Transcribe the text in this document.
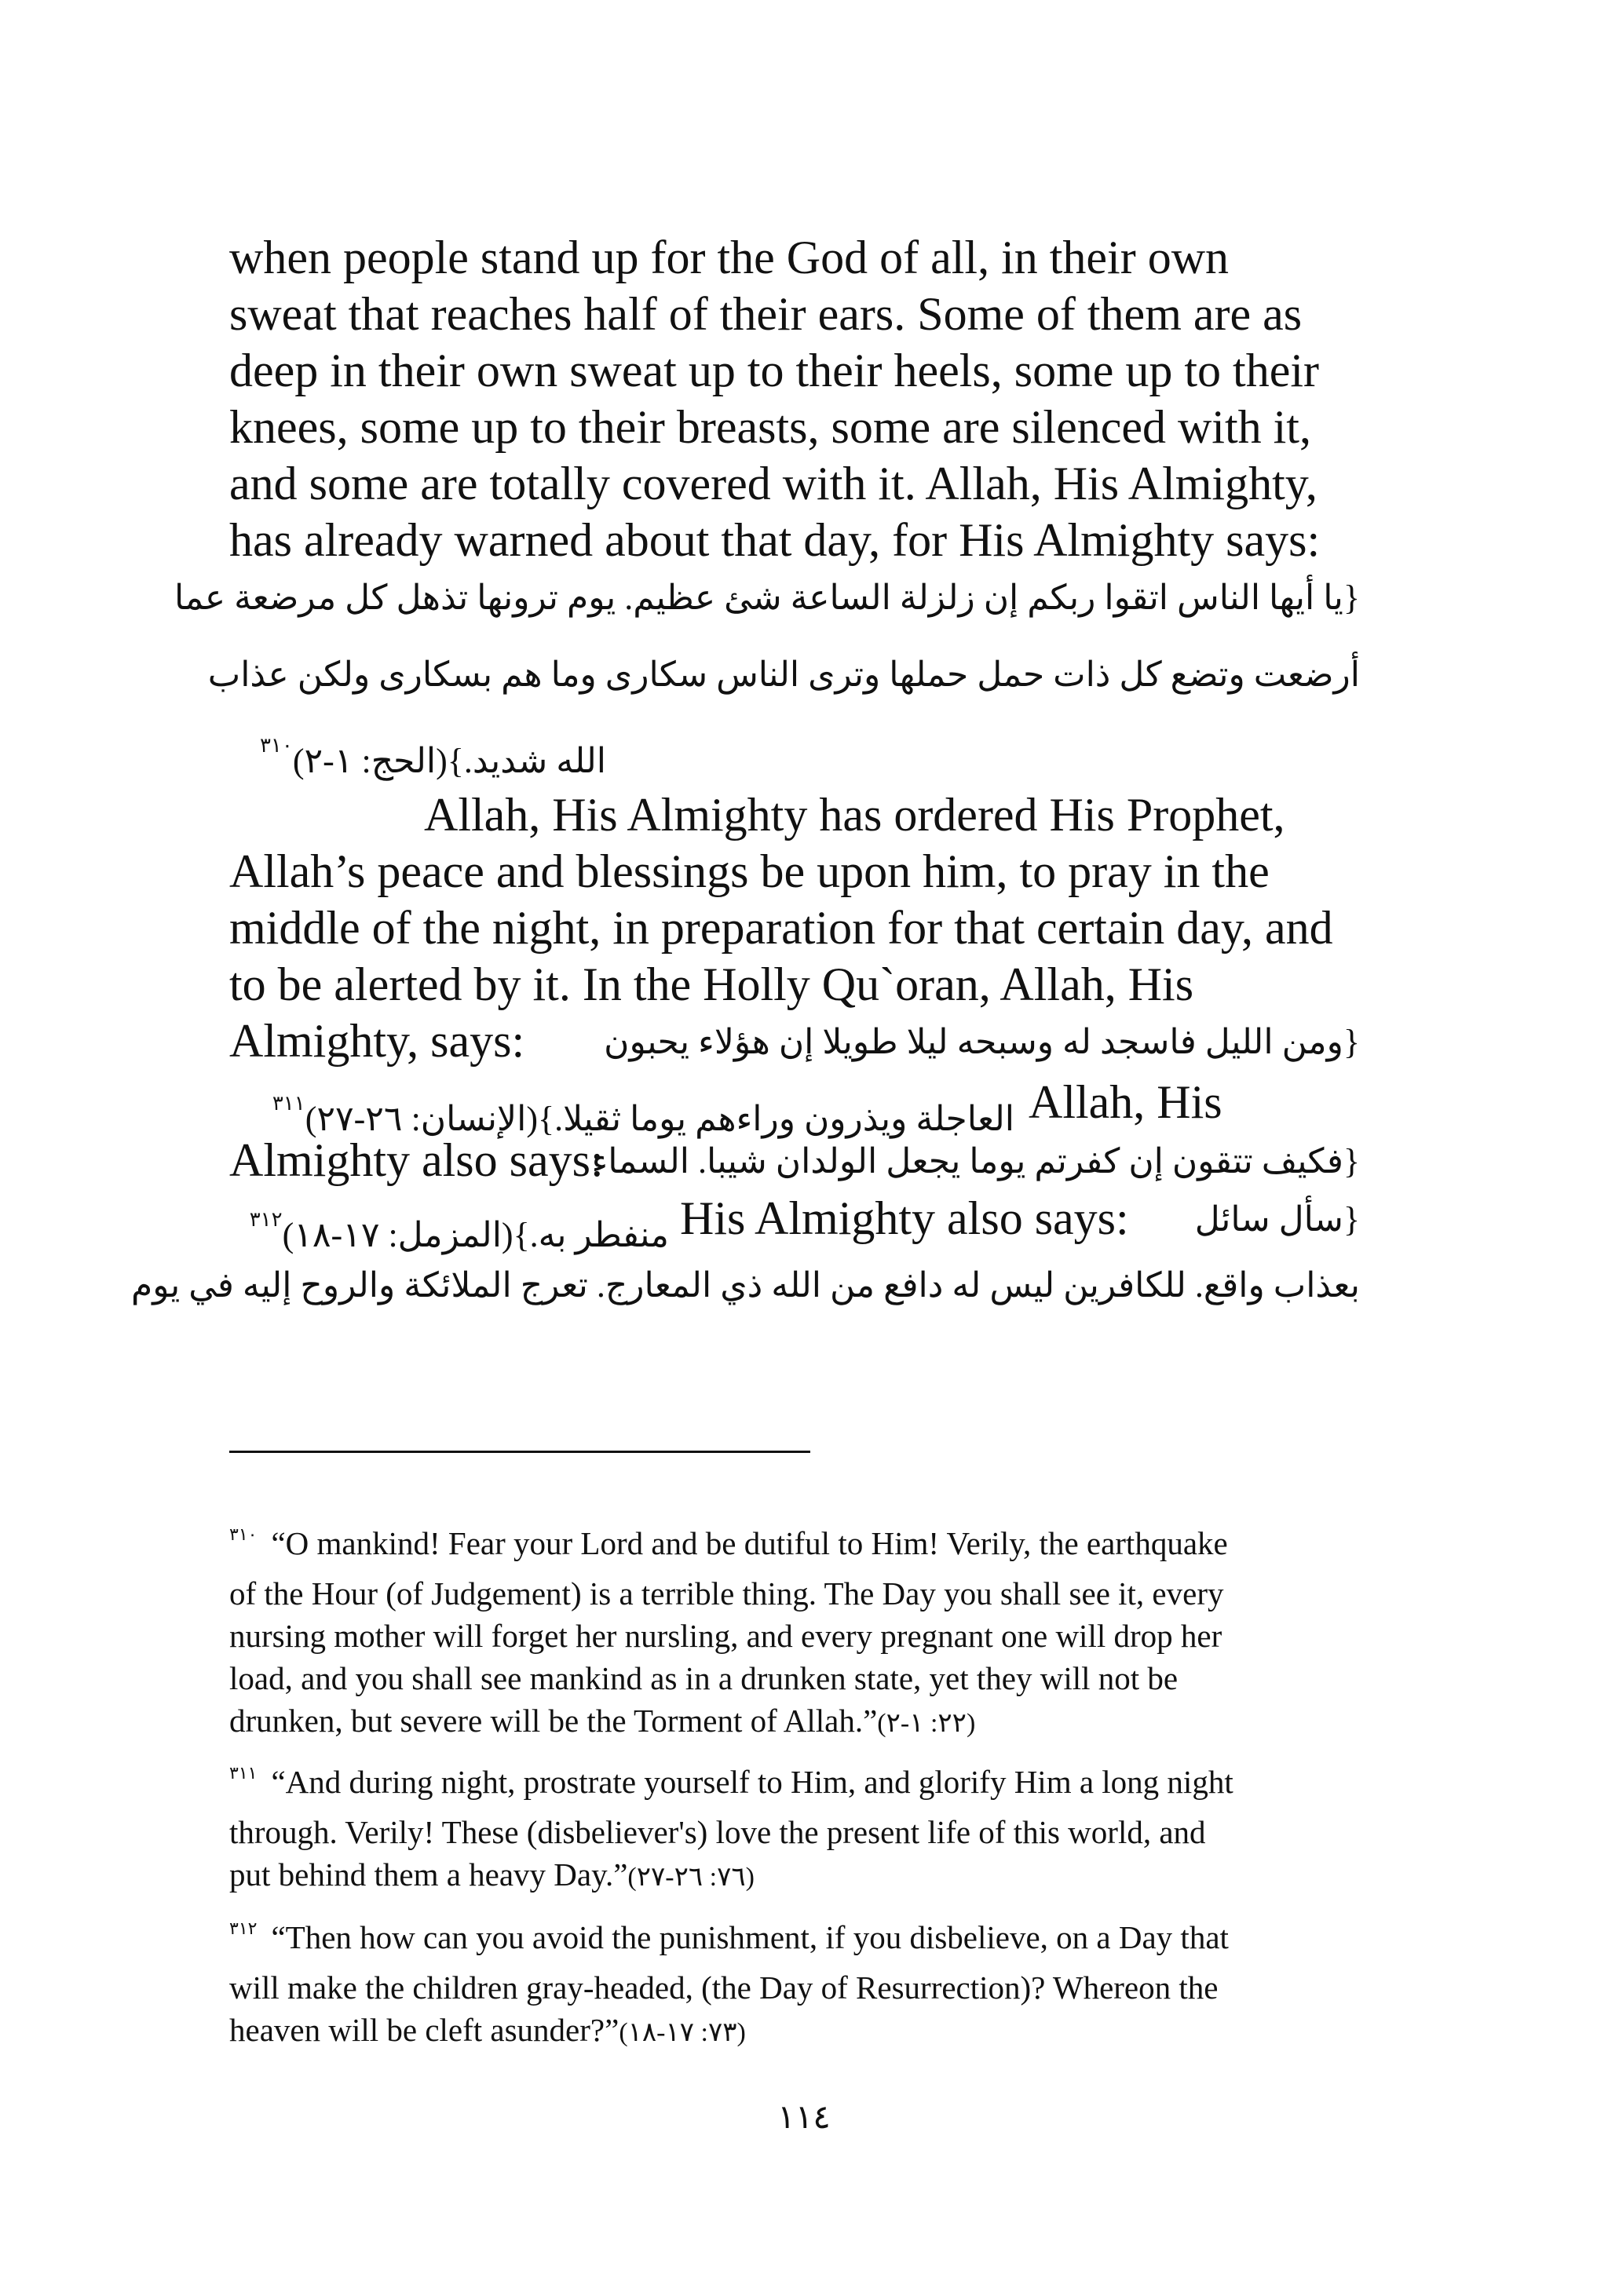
when people stand up for the God of all, in their own
sweat that reaches half of their ears. Some of them are as
deep in their own sweat up to their heels, some up to their
knees, some up to their breasts, some are silenced with it,
and some are totally covered with it. Allah, His Almighty,
has already warned about that day, for His Almighty says:
{يا أيها الناس اتقوا ربكم إن زلزلة الساعة شئ عظيم. يوم ترونها تذهل كل مرضعة عما
أرضعت وتضع كل ذات حمل حملها وترى الناس سكارى وما هم بسكارى ولكن عذاب
الله شديد.}(الحج: ١-٢)$^{٣١٠}$
Allah, His Almighty has ordered His Prophet,
Allah’s peace and blessings be upon him, to pray in the
middle of the night, in preparation for that certain day, and
to be alerted by it. In the Holly Qu`oran, Allah, His
Almighty, says:	{ومن الليل فاسجد له وسبحه ليلا طويلا إن هؤلاء يحبون
العاجلة ويذرون وراءهم يوما ثقيلا.}(الإنسان: ٢٦-٢٧)$^{٣١١}$	Allah, His
Almighty also says:
{فكيف تتقون إن كفرتم يوما يجعل الولدان شيبا. السماء
منفطر به.}(المزمل: ١٧-١٨)$^{٣١٢}$	His Almighty also says:	{سأل سائل
بعذاب واقع. للكافرين ليس له دافع من الله ذي المعارج. تعرج الملائكة والروح إليه في يوم
$^{٣١٠}$ “O mankind! Fear your Lord and be dutiful to Him! Verily, the earthquake
of the Hour (of Judgement) is a terrible thing. The Day you shall see it, every
nursing mother will forget her nursling, and every pregnant one will drop her
load, and you shall see mankind as in a drunken state, yet they will not be
drunken, but severe will be the Torment of Allah.”(٢٢: ١-٢)
$^{٣١١}$ “And during night, prostrate yourself to Him, and glorify Him a long night
through. Verily! These (disbeliever's) love the present life of this world, and
put behind them a heavy Day.”(٧٦: ٢٦-٢٧)
$^{٣١٢}$ “Then how can you avoid the punishment, if you disbelieve, on a Day that
will make the children gray-headed, (the Day of Resurrection)? Whereon the
heaven will be cleft asunder?”(٧٣: ١٧-١٨)
١١٤
